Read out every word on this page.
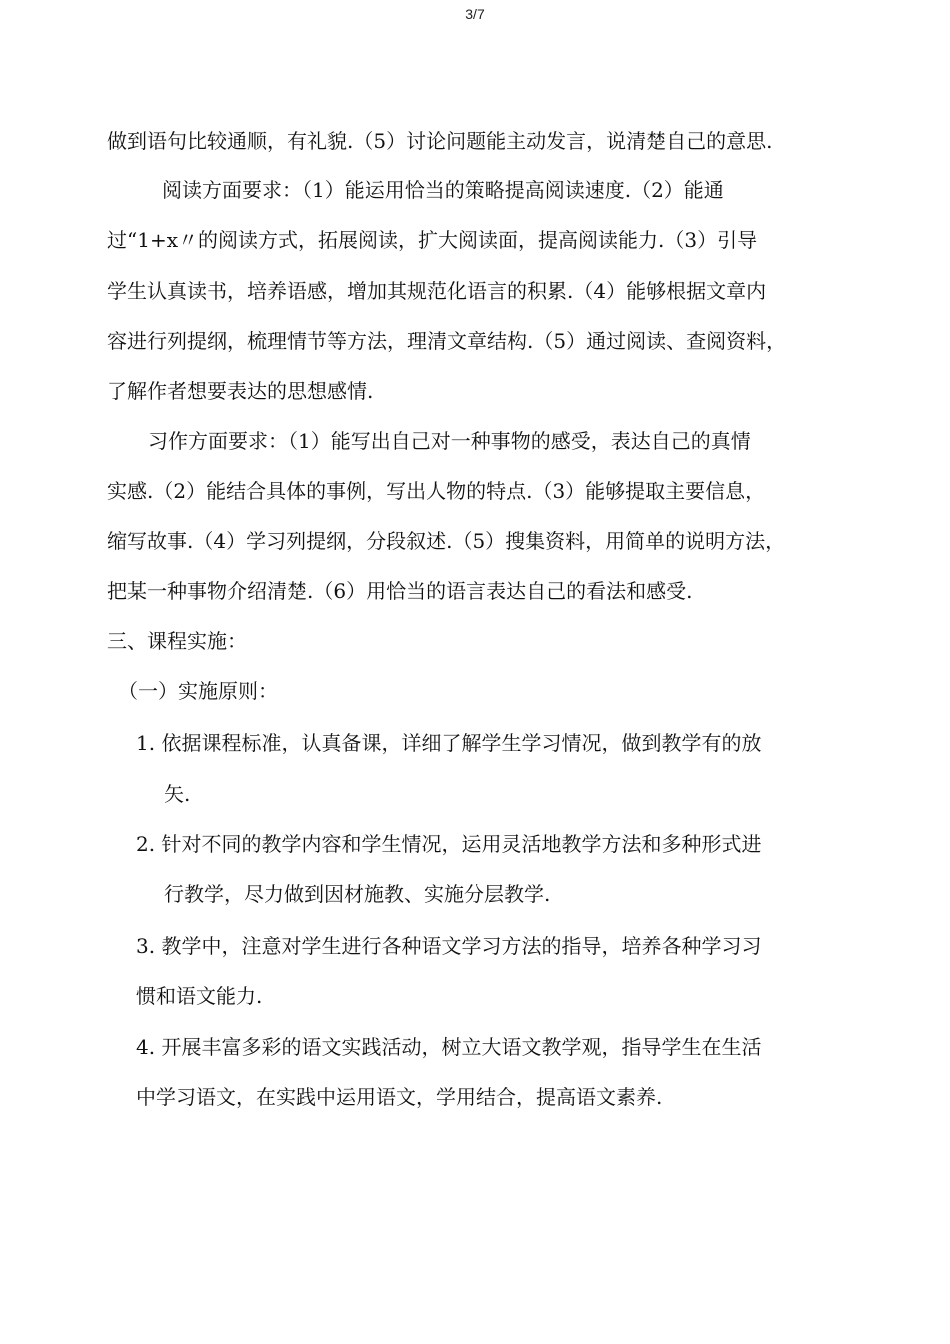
3/7
做到语句比较通顺，有礼貌.（5）讨论问题能主动发言，说清楚自己的意思.
阅读方面要求：（1）能运用恰当的策略提高阅读速度.（2）能通
过“1+x〃的阅读方式，拓展阅读，扩大阅读面，提高阅读能力.（3）引导
学生认真读书，培养语感，增加其规范化语言的积累.（4）能够根据文章内
容进行列提纲，梳理情节等方法，理清文章结构.（5）通过阅读、查阅资料，
了解作者想要表达的思想感情.
习作方面要求：（1）能写出自己对一种事物的感受，表达自己的真情
实感.（2）能结合具体的事例，写出人物的特点.（3）能够提取主要信息，
缩写故事.（4）学习列提纲，分段叙述.（5）搜集资料，用简单的说明方法，
把某一种事物介绍清楚.（6）用恰当的语言表达自己的看法和感受.
三、课程实施：
（一）实施原则：
1. 依据课程标准，认真备课，详细了解学生学习情况，做到教学有的放
矢.
2. 针对不同的教学内容和学生情况，运用灵活地教学方法和多种形式进
行教学，尽力做到因材施教、实施分层教学.
3. 教学中，注意对学生进行各种语文学习方法的指导，培养各种学习习
惯和语文能力.
4. 开展丰富多彩的语文实践活动，树立大语文教学观，指导学生在生活
中学习语文，在实践中运用语文，学用结合，提高语文素养.
